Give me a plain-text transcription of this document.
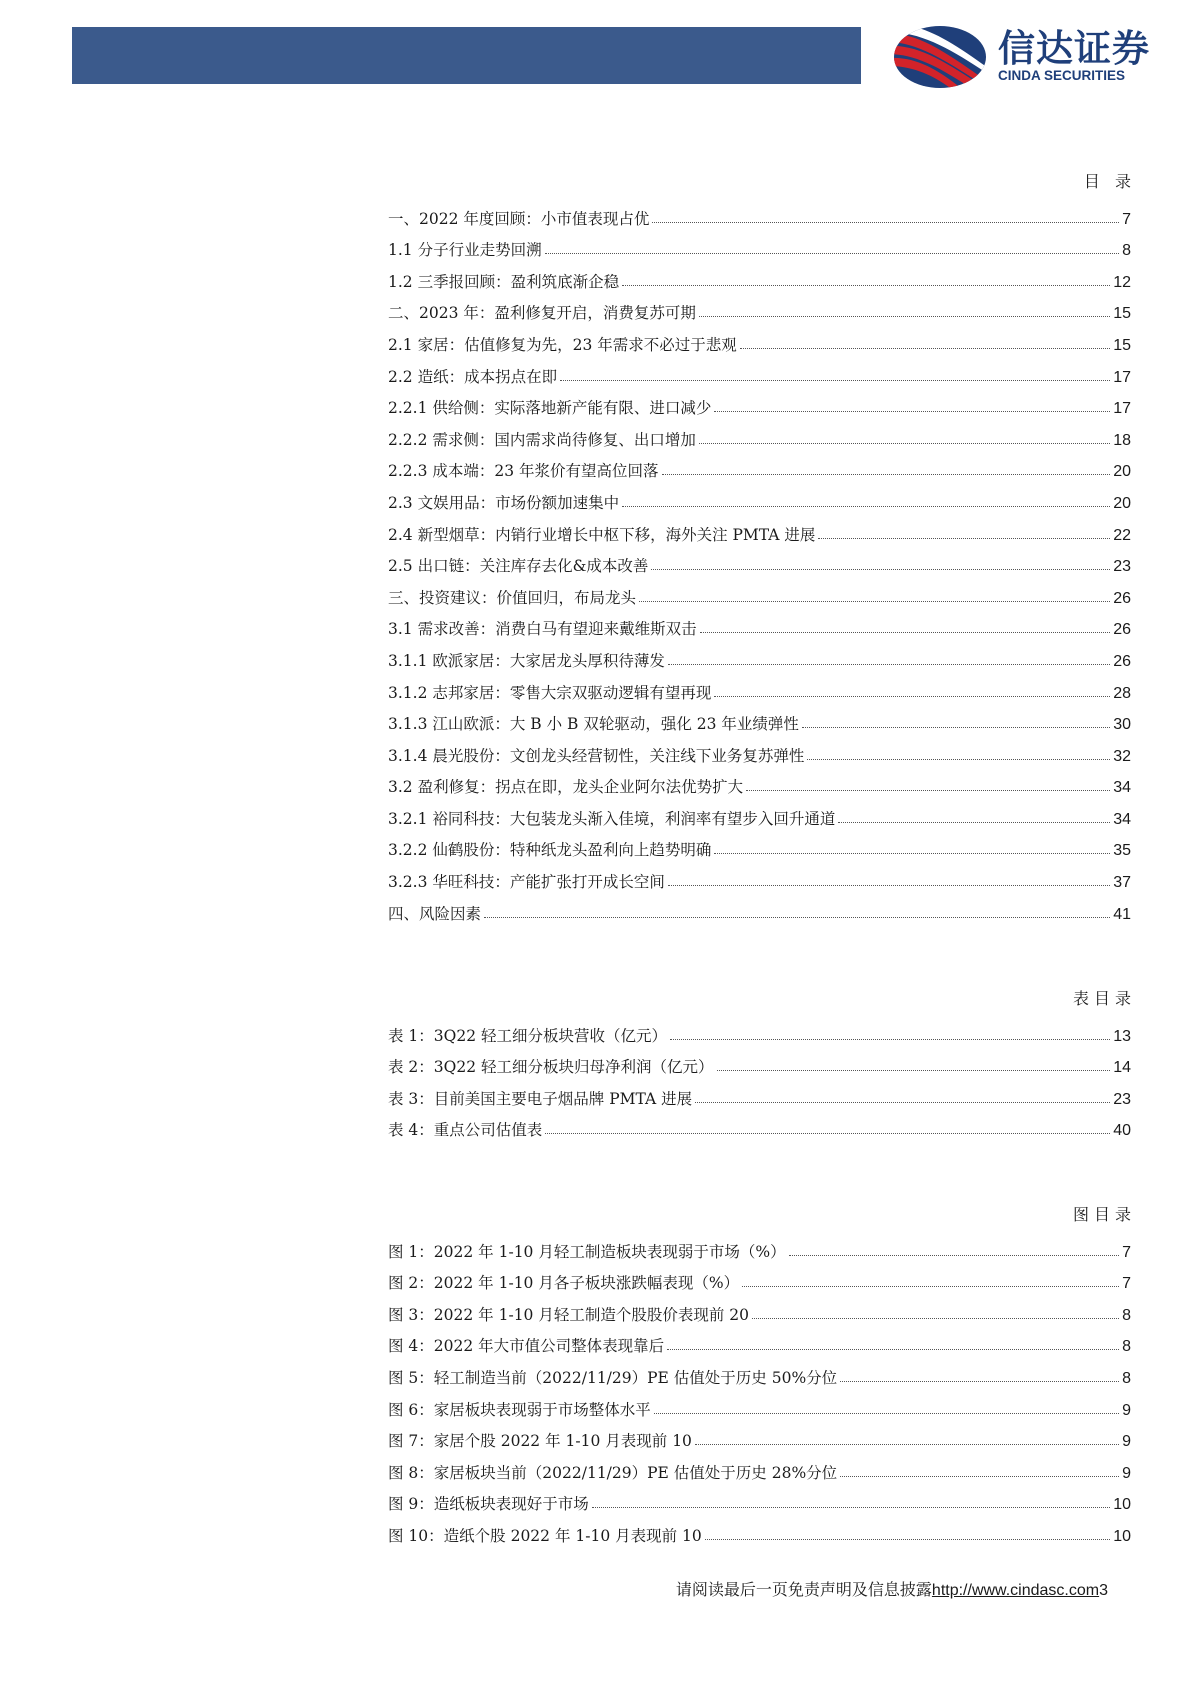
信达证券
CINDA SECURITIES
目 录
一、2022 年度回顾：小市值表现占优	7
1.1 分子行业走势回溯	8
1.2 三季报回顾：盈利筑底渐企稳	12
二、2023 年：盈利修复开启，消费复苏可期	15
2.1 家居：估值修复为先，23 年需求不必过于悲观	15
2.2 造纸：成本拐点在即	17
2.2.1 供给侧：实际落地新产能有限、进口减少	17
2.2.2 需求侧：国内需求尚待修复、出口增加	18
2.2.3 成本端：23 年浆价有望高位回落	20
2.3 文娱用品：市场份额加速集中	20
2.4 新型烟草：内销行业增长中枢下移，海外关注 PMTA 进展	22
2.5 出口链：关注库存去化&成本改善	23
三、投资建议：价值回归，布局龙头	26
3.1 需求改善：消费白马有望迎来戴维斯双击	26
3.1.1 欧派家居：大家居龙头厚积待薄发	26
3.1.2 志邦家居：零售大宗双驱动逻辑有望再现	28
3.1.3 江山欧派：大 B 小 B 双轮驱动，强化 23 年业绩弹性	30
3.1.4 晨光股份：文创龙头经营韧性，关注线下业务复苏弹性	32
3.2 盈利修复：拐点在即，龙头企业阿尔法优势扩大	34
3.2.1 裕同科技：大包装龙头渐入佳境，利润率有望步入回升通道	34
3.2.2 仙鹤股份：特种纸龙头盈利向上趋势明确	35
3.2.3 华旺科技：产能扩张打开成长空间	37
四、风险因素	41
表目录
表 1：3Q22 轻工细分板块营收（亿元）	13
表 2：3Q22 轻工细分板块归母净利润（亿元）	14
表 3：目前美国主要电子烟品牌 PMTA 进展	23
表 4：重点公司估值表	40
图目录
图 1：2022 年 1-10 月轻工制造板块表现弱于市场（%）	7
图 2：2022 年 1-10 月各子板块涨跌幅表现（%）	7
图 3：2022 年 1-10 月轻工制造个股股价表现前 20	8
图 4：2022 年大市值公司整体表现靠后	8
图 5：轻工制造当前（2022/11/29）PE 估值处于历史 50%分位	8
图 6：家居板块表现弱于市场整体水平	9
图 7：家居个股 2022 年 1-10 月表现前 10	9
图 8：家居板块当前（2022/11/29）PE 估值处于历史 28%分位	9
图 9：造纸板块表现好于市场	10
图 10：造纸个股 2022 年 1-10 月表现前 10	10
请阅读最后一页免责声明及信息披露http://www.cindasc.com3
